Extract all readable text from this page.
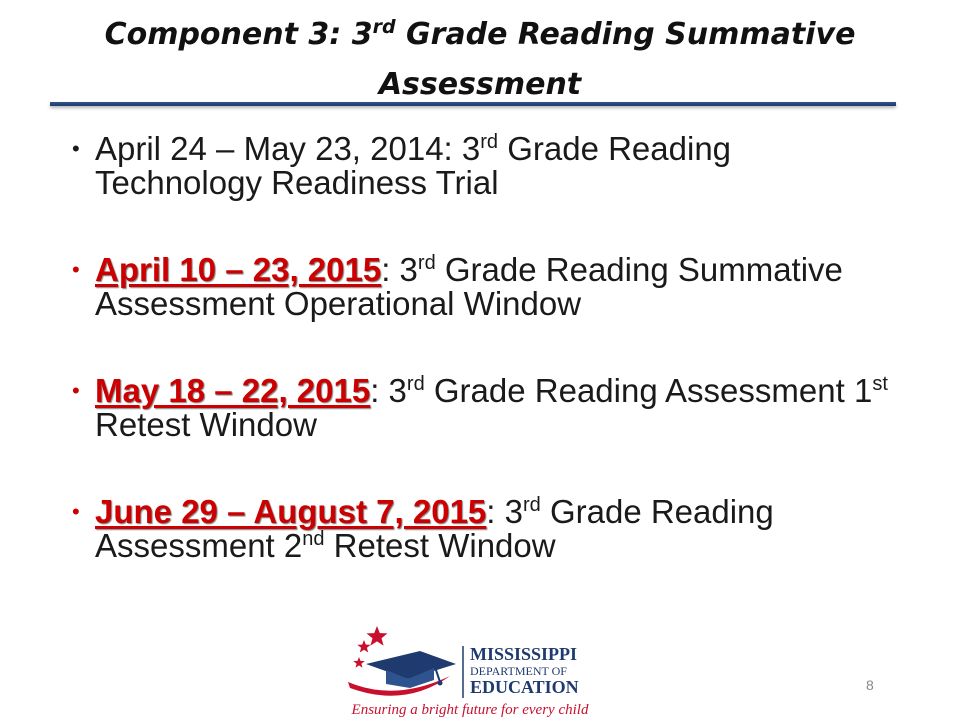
Component 3: 3rd Grade Reading Summative
Assessment
• April 24 – May 23, 2014: 3rd Grade Reading Technology Readiness Trial
• April 10 – 23, 2015: 3rd Grade Reading Summative Assessment Operational Window
• May 18 – 22, 2015: 3rd Grade Reading Assessment 1st Retest Window
• June 29 – August 7, 2015: 3rd Grade Reading Assessment 2nd Retest Window
MISSISSIPPI
DEPARTMENT OF
EDUCATION
Ensuring a bright future for every child
8
